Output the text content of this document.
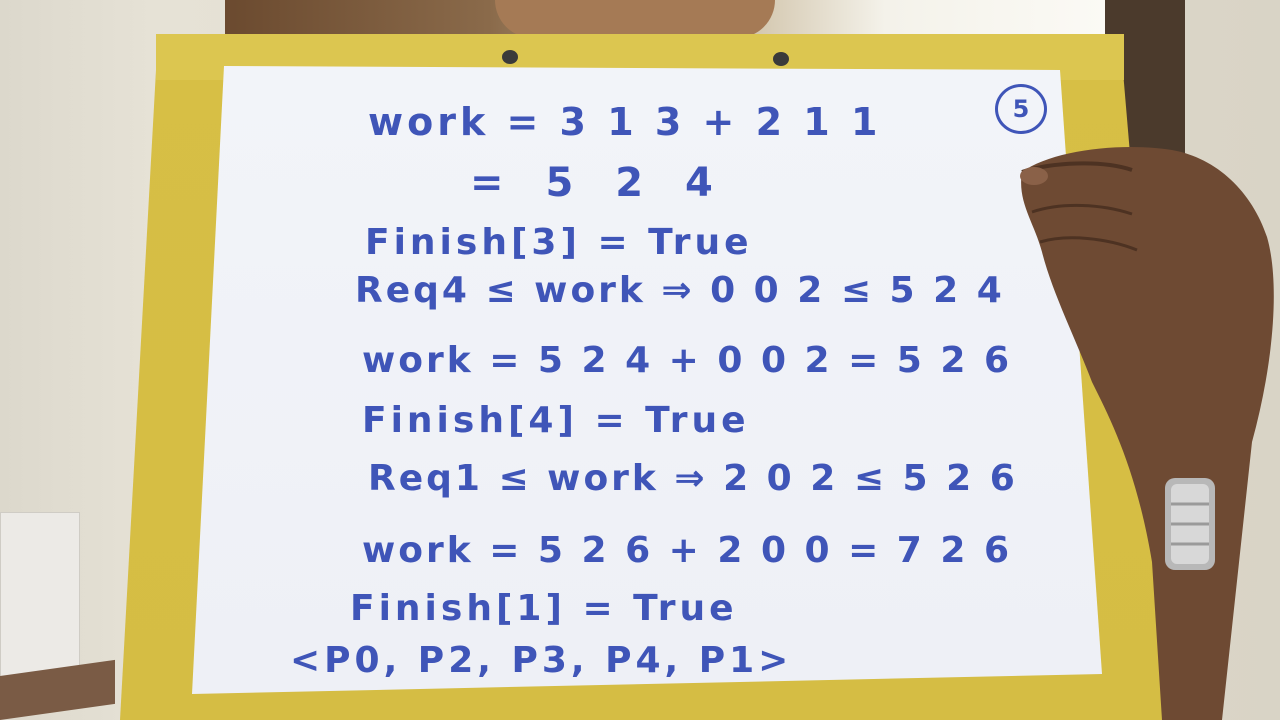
5
work = 3 1 3 + 2 1 1
= 5 2 4
Finish[3] = True
Req4 ≤ work ⇒ 0 0 2 ≤ 5 2 4
work = 5 2 4 + 0 0 2 = 5 2 6
Finish[4] = True
Req1 ≤ work ⇒ 2 0 2 ≤ 5 2 6
work = 5 2 6 + 2 0 0 = 7 2 6
Finish[1] = True
<P0, P2, P3, P4, P1>
